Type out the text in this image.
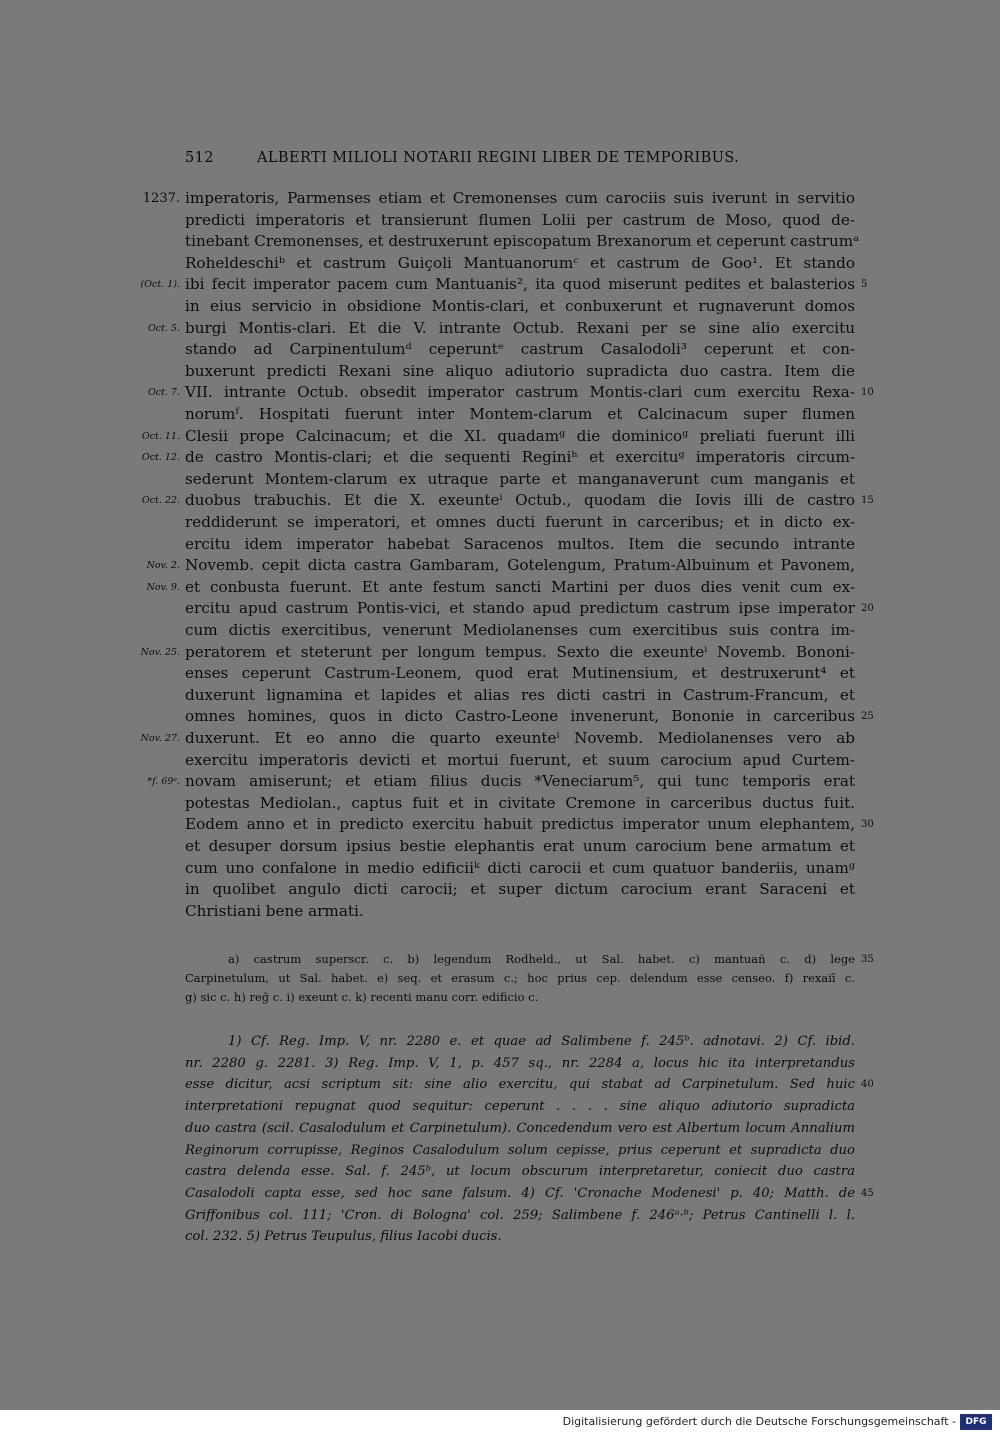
512	ALBERTI MILIOLI NOTARII REGINI LIBER DE TEMPORIBUS.
imperatoris, Parmenses etiam et Cremonenses cum carociis suis iverunt in servitio
1237.
predicti imperatoris et transierunt flumen Lolii per castrum de Moso, quod de-
tinebant Cremonenses, et destruxerunt episcopatum Brexanorum et ceperunt castrumᵃ
Roheldeschiᵇ et castrum Guiçoli Mantuanorumᶜ et castrum de Goo¹. Et stando
ibi fecit imperator pacem cum Mantuanis², ita quod miserunt pedites et balasterios
(Oct. 1).	5
in eius servicio in obsidione Montis-clari, et conbuxerunt et rugnaverunt domos
burgi Montis-clari. Et die V. intrante Octub. Rexani per se sine alio exercitu
Oct. 5.
stando ad Carpinentulumᵈ ceperuntᵉ castrum Casalodoli³ ceperunt et con-
buxerunt predicti Rexani sine aliquo adiutorio supradicta duo castra. Item die
VII. intrante Octub. obsedit imperator castrum Montis-clari cum exercitu Rexa-
Oct. 7.	10
norumᶠ. Hospitati fuerunt inter Montem-clarum et Calcinacum super flumen
Clesii prope Calcinacum; et die XI. quadamᵍ die dominicoᵍ preliati fuerunt illi
Oct. 11.
de castro Montis-clari; et die sequenti Reginiʰ et exercituᵍ imperatoris circum-
Oct. 12.
sederunt Montem-clarum ex utraque parte et manganaverunt cum manganis et
duobus trabuchis. Et die X. exeunteⁱ Octub., quodam die Iovis illi de castro
Oct. 22.	15
reddiderunt se imperatori, et omnes ducti fuerunt in carceribus; et in dicto ex-
ercitu idem imperator habebat Saracenos multos. Item die secundo intrante
Novemb. cepit dicta castra Gambaram, Gotelengum, Pratum-Albuinum et Pavonem,
Nov. 2.
et conbusta fuerunt. Et ante festum sancti Martini per duos dies venit cum ex-
Nov. 9.
ercitu apud castrum Pontis-vici, et stando apud predictum castrum ipse imperator 20
cum dictis exercitibus, venerunt Mediolanenses cum exercitibus suis contra im-
peratorem et steterunt per longum tempus. Sexto die exeunteⁱ Novemb. Bononi-
Nov. 25.
enses ceperunt Castrum-Leonem, quod erat Mutinensium, et destruxerunt⁴ et
duxerunt lignamina et lapides et alias res dicti castri in Castrum-Francum, et
omnes homines, quos in dicto Castro-Leone invenerunt, Bononie in carceribus 25
duxerunt. Et eo anno die quarto exeunteⁱ Novemb. Mediolanenses vero ab
Nov. 27.
exercitu imperatoris devicti et mortui fuerunt, et suum carocium apud Curtem-
novam amiserunt; et etiam filius ducis *Veneciarum⁵, qui tunc temporis erat
*f. 69ᵃ.
potestas Mediolan., captus fuit et in civitate Cremone in carceribus ductus fuit.
Eodem anno et in predicto exercitu habuit predictus imperator unum elephantem, 30
et desuper dorsum ipsius bestie elephantis erat unum carocium bene armatum et
cum uno confalone in medio edificiiᵏ dicti carocii et cum quatuor banderiis, unamᵍ
in quolibet angulo dicti carocii; et super dictum carocium erant Saraceni et
Christiani bene armati.
a) castrum superscr. c. b) legendum Rodheld., ut Sal. habet. c) mantuañ c. d) lege 35
Carpinetulum, ut Sal. habet. e) seq. et erasum c.; hoc prius cep. delendum esse censeo. f) rexaiī c.
g) sic c. h) reğ c. i) exeunt c. k) recenti manu corr. edificio c.
1) Cf. Reg. Imp. V, nr. 2280 e. et quae ad Salimbene f. 245ᵇ. adnotavi. 2) Cf. ibid.
nr. 2280 g. 2281. 3) Reg. Imp. V, 1, p. 457 sq., nr. 2284 a, locus hic ita interpretandus
esse dicitur, acsi scriptum sit: sine alio exercitu, qui stabat ad Carpinetulum. Sed huic 40
interpretationi repugnat quod sequitur: ceperunt . . . . sine aliquo adiutorio supradicta
duo castra (scil. Casalodulum et Carpinetulum). Concedendum vero est Albertum locum Annalium
Reginorum corrupisse, Reginos Casalodulum solum cepisse, prius ceperunt et supradicta duo
castra delenda esse. Sal. f. 245ᵇ, ut locum obscurum interpretaretur, coniecit duo castra
Casalodoli capta esse, sed hoc sane falsum. 4) Cf. 'Cronache Modenesi' p. 40; Matth. de 45
Griffonibus col. 111; 'Cron. di Bologna' col. 259; Salimbene f. 246ᵃ·ᵇ; Petrus Cantinelli l. l.
col. 232. 5) Petrus Teupulus, filius Iacobi ducis.
Digitalisierung gefördert durch die Deutsche Forschungsgemeinschaft -	DFG
